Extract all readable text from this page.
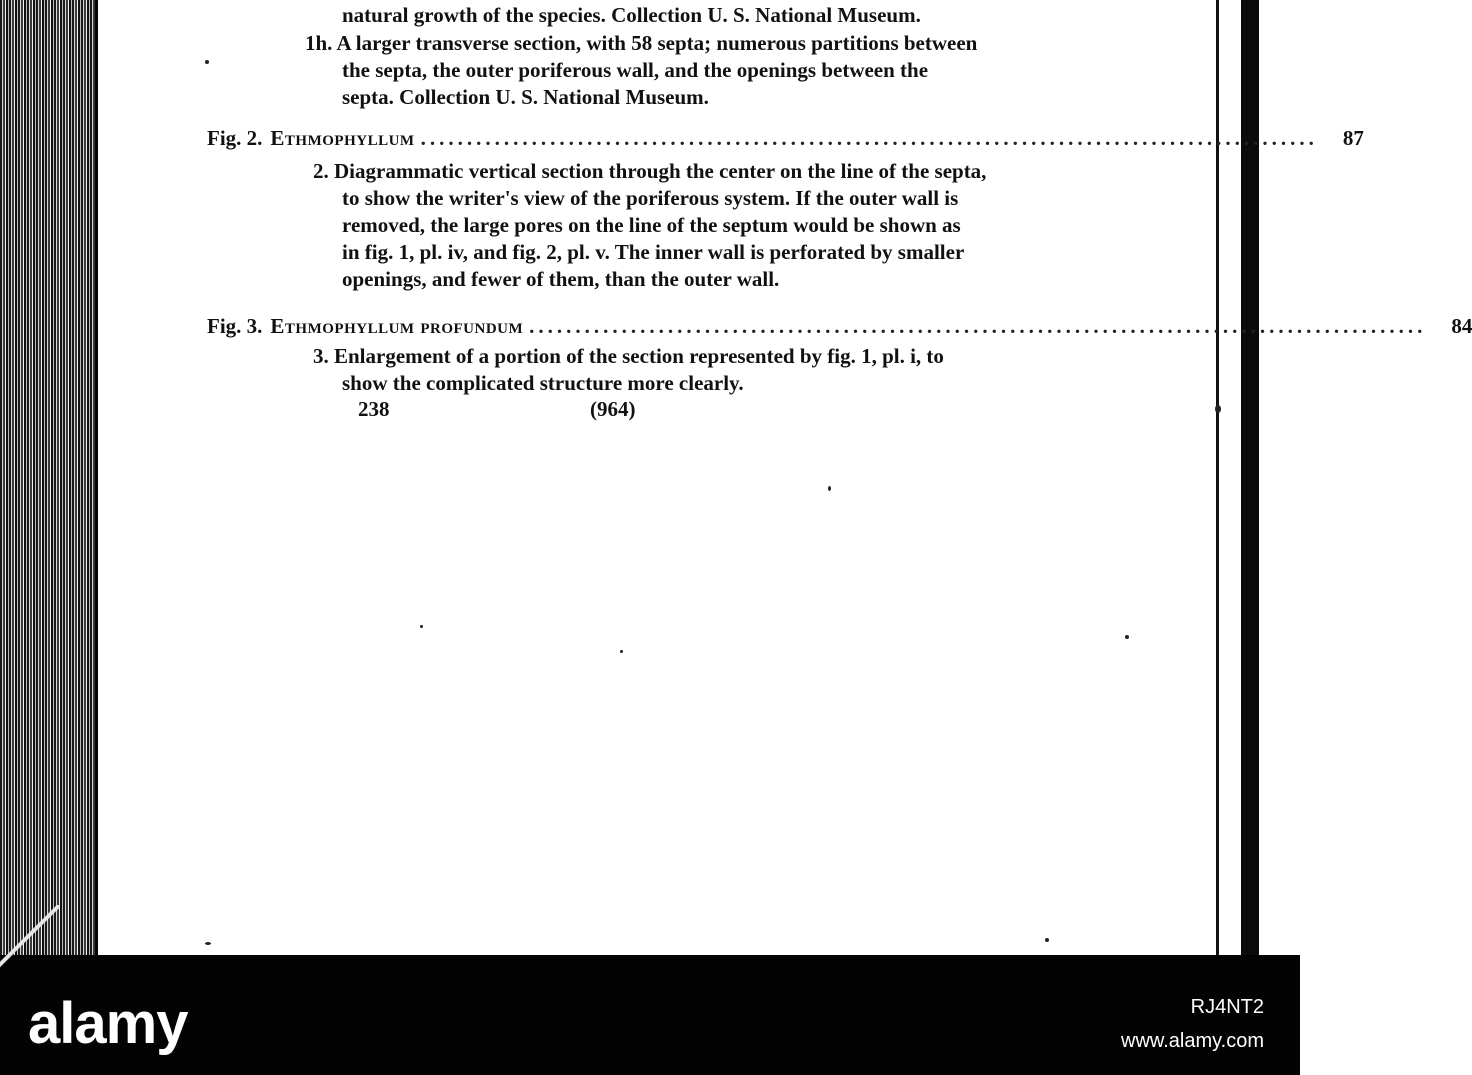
natural growth of the species. Collection U. S. National Museum.
1h. A larger transverse section, with 58 septa; numerous partitions between
the septa, the outer poriferous wall, and the openings between the
septa. Collection U. S. National Museum.
Fig. 2. Ethmophyllum .................................................................................................	87
2. Diagrammatic vertical section through the center on the line of the septa,
to show the writer's view of the poriferous system. If the outer wall is
removed, the large pores on the line of the septum would be shown as
in fig. 1, pl. iv, and fig. 2, pl. v. The inner wall is perforated by smaller
openings, and fewer of them, than the outer wall.
Fig. 3. Ethmophyllum profundum .................................................................................................	84
3. Enlargement of a portion of the section represented by fig. 1, pl. i, to
show the complicated structure more clearly.
238	(964)
alamy	RJ4NT2
www.alamy.com
